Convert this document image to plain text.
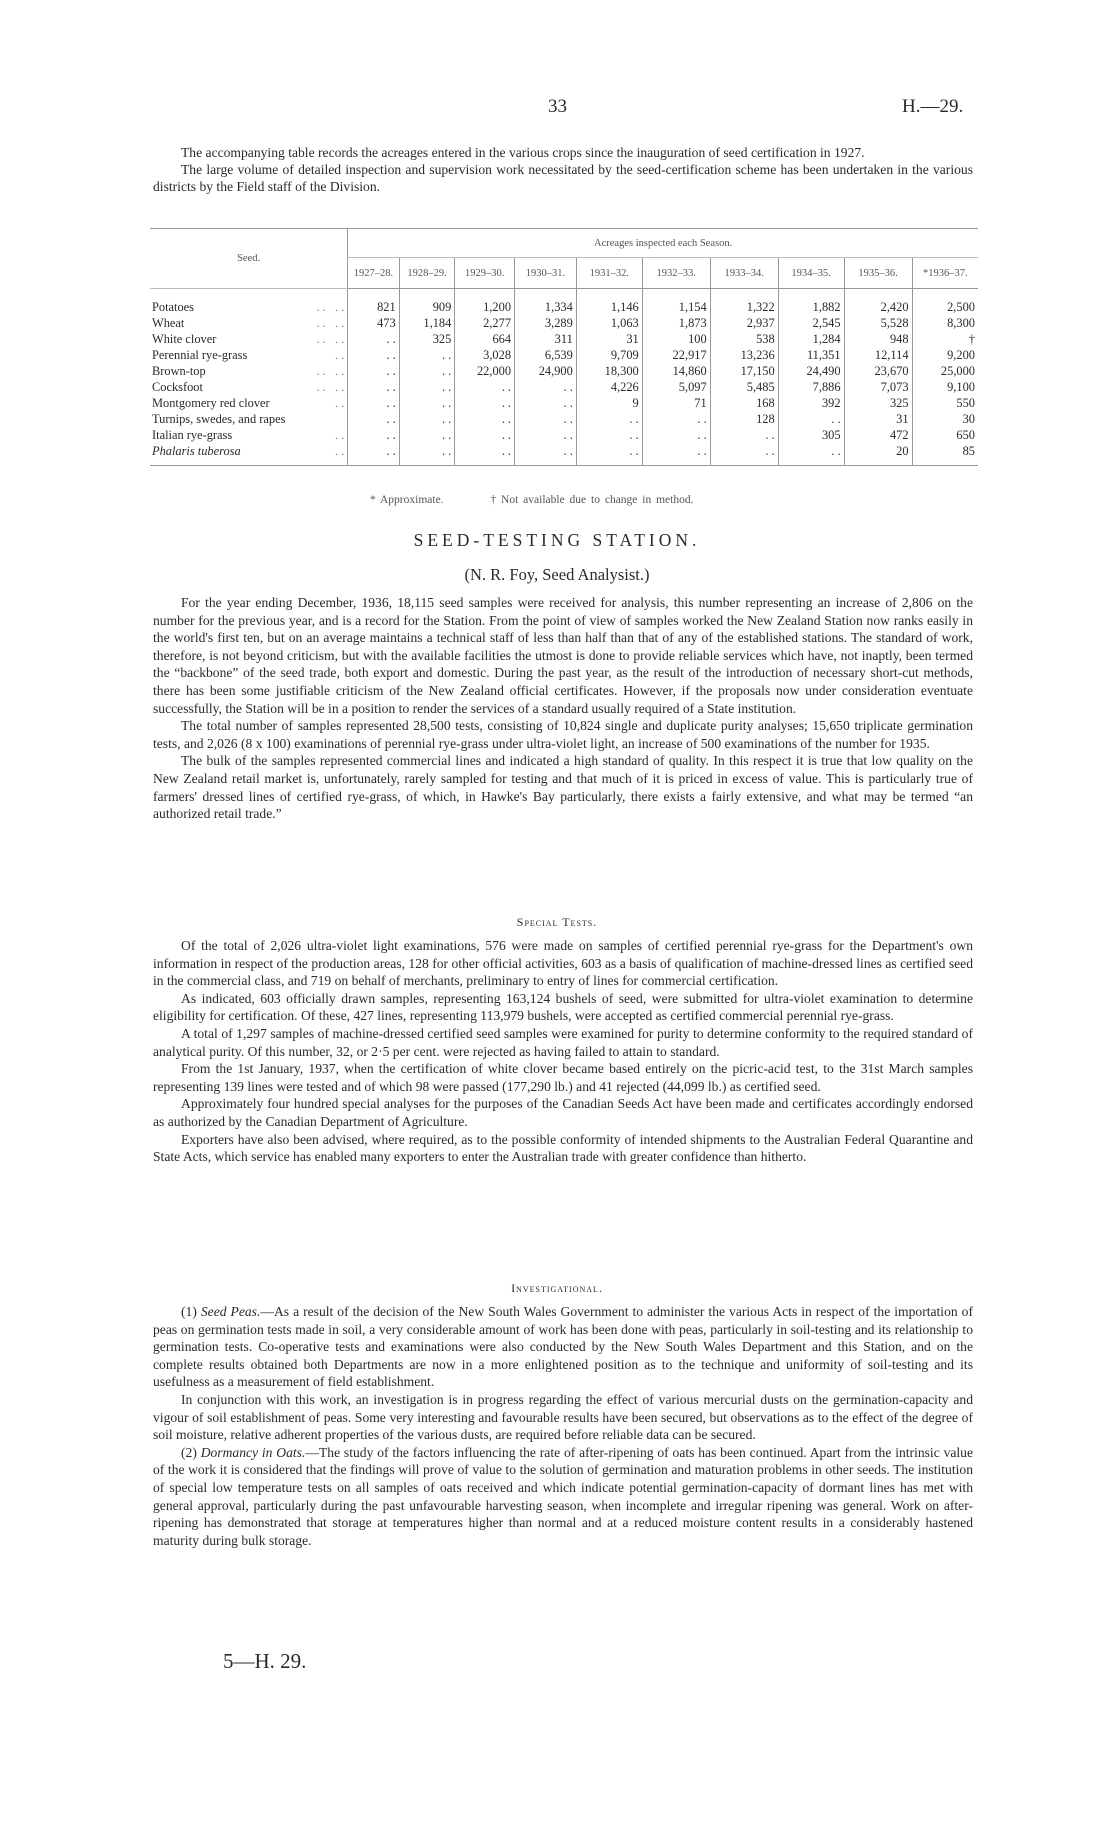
33	H.—29.

The accompanying table records the acreages entered in the various crops since the inauguration of seed certification in 1927.

The large volume of detailed inspection and supervision work necessitated by the seed-certification scheme has been undertaken in the various districts by the Field staff of the Division.

Seed.	Acreages inspected each Season.									
	1927–28.	1928–29.	1929–30.	1930–31.	1931–32.	1932–33.	1933–34.	1934–35.	1935–36.	*1936–37.

Potatoes . .   . .	821	909	1,200	1,334	1,146	1,154	1,322	1,882	2,420	2,500
Wheat . .   . .	473	1,184	2,277	3,289	1,063	1,873	2,937	2,545	5,528	8,300
White clover . .   . .	. .	325	664	311	31	100	538	1,284	948	†
Perennial rye-grass . .	. .	. .	3,028	6,539	9,709	22,917	13,236	11,351	12,114	9,200
Brown-top . .   . .	. .	. .	22,000	24,900	18,300	14,860	17,150	24,490	23,670	25,000
Cocksfoot . .   . .	. .	. .	. .	. .	4,226	5,097	5,485	7,886	7,073	9,100
Montgomery red clover . .	. .	. .	. .	. .	9	71	168	392	325	550
Turnips, swedes, and rapes	. .	. .	. .	. .	. .	. .	128	. .	31	30
Italian rye-grass . .	. .	. .	. .	. .	. .	. .	. .	305	472	650
Phalaris tuberosa . .	. .	. .	. .	. .	. .	. .	. .	. .	20	85
* Approximate.	† Not available due to change in method.
SEED-TESTING STATION.
(N. R. Foy, Seed Analysist.)

For the year ending December, 1936, 18,115 seed samples were received for analysis, this number representing an increase of 2,806 on the number for the previous year, and is a record for the Station. From the point of view of samples worked the New Zealand Station now ranks easily in the world's first ten, but on an average maintains a technical staff of less than half than that of any of the established stations. The standard of work, therefore, is not beyond criticism, but with the available facilities the utmost is done to provide reliable services which have, not inaptly, been termed the “backbone” of the seed trade, both export and domestic. During the past year, as the result of the introduction of necessary short-cut methods, there has been some justifiable criticism of the New Zealand official certificates. However, if the proposals now under consideration eventuate successfully, the Station will be in a position to render the services of a standard usually required of a State institution.

The total number of samples represented 28,500 tests, consisting of 10,824 single and duplicate purity analyses; 15,650 triplicate germination tests, and 2,026 (8 x 100) examinations of perennial rye-grass under ultra-violet light, an increase of 500 examinations of the number for 1935.

The bulk of the samples represented commercial lines and indicated a high standard of quality. In this respect it is true that low quality on the New Zealand retail market is, unfortunately, rarely sampled for testing and that much of it is priced in excess of value. This is particularly true of farmers' dressed lines of certified rye-grass, of which, in Hawke's Bay particularly, there exists a fairly extensive, and what may be termed “an authorized retail trade.”

Special Tests.

Of the total of 2,026 ultra-violet light examinations, 576 were made on samples of certified perennial rye-grass for the Department's own information in respect of the production areas, 128 for other official activities, 603 as a basis of qualification of machine-dressed lines as certified seed in the commercial class, and 719 on behalf of merchants, preliminary to entry of lines for commercial certification.

As indicated, 603 officially drawn samples, representing 163,124 bushels of seed, were submitted for ultra-violet examination to determine eligibility for certification. Of these, 427 lines, representing 113,979 bushels, were accepted as certified commercial perennial rye-grass.

A total of 1,297 samples of machine-dressed certified seed samples were examined for purity to determine conformity to the required standard of analytical purity. Of this number, 32, or 2·5 per cent. were rejected as having failed to attain to standard.

From the 1st January, 1937, when the certification of white clover became based entirely on the picric-acid test, to the 31st March samples representing 139 lines were tested and of which 98 were passed (177,290 lb.) and 41 rejected (44,099 lb.) as certified seed.

Approximately four hundred special analyses for the purposes of the Canadian Seeds Act have been made and certificates accordingly endorsed as authorized by the Canadian Department of Agriculture.

Exporters have also been advised, where required, as to the possible conformity of intended shipments to the Australian Federal Quarantine and State Acts, which service has enabled many exporters to enter the Australian trade with greater confidence than hitherto.

Investigational.

(1) Seed Peas.—As a result of the decision of the New South Wales Government to administer the various Acts in respect of the importation of peas on germination tests made in soil, a very considerable amount of work has been done with peas, particularly in soil-testing and its relationship to germination tests. Co-operative tests and examinations were also conducted by the New South Wales Department and this Station, and on the complete results obtained both Departments are now in a more enlightened position as to the technique and uniformity of soil-testing and its usefulness as a measurement of field establishment.

In conjunction with this work, an investigation is in progress regarding the effect of various mercurial dusts on the germination-capacity and vigour of soil establishment of peas. Some very interesting and favourable results have been secured, but observations as to the effect of the degree of soil moisture, relative adherent properties of the various dusts, are required before reliable data can be secured.

(2) Dormancy in Oats.—The study of the factors influencing the rate of after-ripening of oats has been continued. Apart from the intrinsic value of the work it is considered that the findings will prove of value to the solution of germination and maturation problems in other seeds. The institution of special low temperature tests on all samples of oats received and which indicate potential germination-capacity of dormant lines has met with general approval, particularly during the past unfavourable harvesting season, when incomplete and irregular ripening was general. Work on after-ripening has demonstrated that storage at temperatures higher than normal and at a reduced moisture content results in a considerably hastened maturity during bulk storage.

5—H. 29.
